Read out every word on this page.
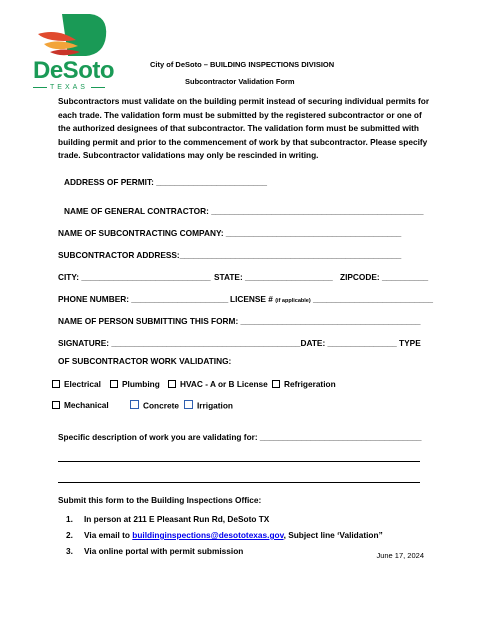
DeSoto
TEXAS
City of DeSoto – BUILDING INSPECTIONS DIVISION
Subcontractor Validation Form

Subcontractors must validate on the building permit instead of securing individual permits for each trade. The validation form must be submitted by the registered subcontractor or one of the authorized designees of that subcontractor. The validation form must be submitted with building permit and prior to the commencement of work by that subcontractor. Please specify trade. Subcontractor validations may only be rescinded in writing.

ADDRESS OF PERMIT: ________________________
NAME OF GENERAL CONTRACTOR: ______________________________________________
NAME OF SUBCONTRACTING COMPANY: ______________________________________
SUBCONTRACTOR ADDRESS:________________________________________________
CITY: ____________________________ STATE: ___________________ ZIPCODE: __________
PHONE NUMBER: _____________________ LICENSE # (if applicable) __________________________
NAME OF PERSON SUBMITTING THIS FORM: _______________________________________
SIGNATURE: _________________________________________DATE: _______________ TYPE
OF SUBCONTRACTOR WORK VALIDATING:
Electrical	Plumbing	HVAC - A or B License	Refrigeration
Mechanical	Concrete	Irrigation
Specific description of work you are validating for: ___________________________________
Submit this form to the Building Inspections Office:
1. In person at 211 E Pleasant Run Rd, DeSoto TX
2. Via email to buildinginspections@desototexas.gov, Subject line ‘Validation”
3. Via online portal with permit submission	June 17, 2024
